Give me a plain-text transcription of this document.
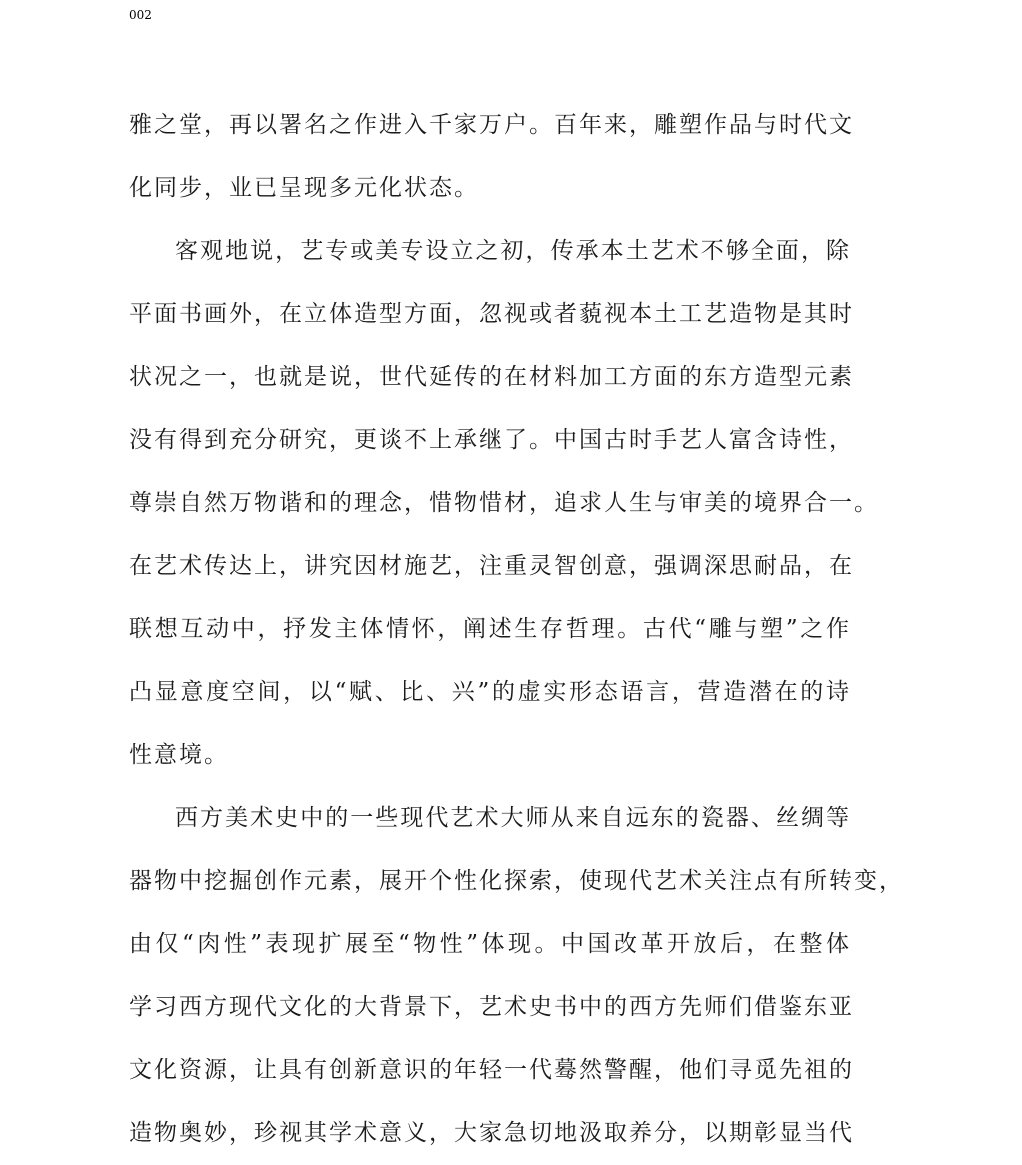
002
雅之堂，再以署名之作进入千家万户。百年来，雕塑作品与时代文
化同步，业已呈现多元化状态。
客观地说，艺专或美专设立之初，传承本土艺术不够全面，除
平面书画外，在立体造型方面，忽视或者藐视本土工艺造物是其时
状况之一，也就是说，世代延传的在材料加工方面的东方造型元素
没有得到充分研究，更谈不上承继了。中国古时手艺人富含诗性，
尊崇自然万物谐和的理念，惜物惜材，追求人生与审美的境界合一。
在艺术传达上，讲究因材施艺，注重灵智创意，强调深思耐品，在
联想互动中，抒发主体情怀，阐述生存哲理。古代“雕与塑”之作
凸显意度空间，以“赋、比、兴”的虚实形态语言，营造潜在的诗
性意境。
西方美术史中的一些现代艺术大师从来自远东的瓷器、丝绸等
器物中挖掘创作元素，展开个性化探索，使现代艺术关注点有所转变，
由仅“肉性”表现扩展至“物性”体现。中国改革开放后，在整体
学习西方现代文化的大背景下，艺术史书中的西方先师们借鉴东亚
文化资源，让具有创新意识的年轻一代蓦然警醒，他们寻觅先祖的
造物奥妙，珍视其学术意义，大家急切地汲取养分，以期彰显当代
